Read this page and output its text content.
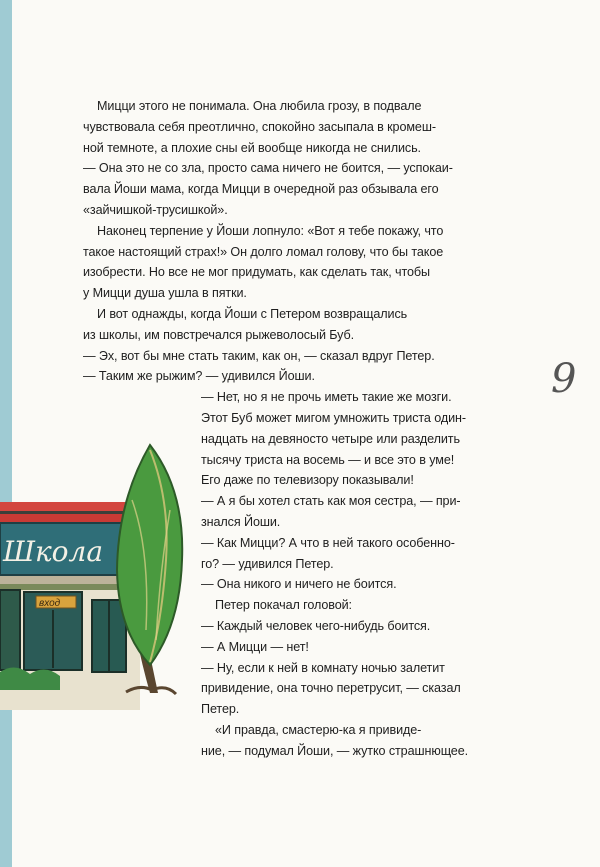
Мицци этого не понимала. Она любила грозу, в подвале
чувствовала себя преотлично, спокойно засыпала в кромеш-
ной темноте, а плохие сны ей вообще никогда не снились.
— Она это не со зла, просто сама ничего не боится, — успокаи-
вала Йоши мама, когда Мицци в очередной раз обзывала его
«зайчишкой-трусишкой».
Наконец терпение у Йоши лопнуло: «Вот я тебе покажу, что
такое настоящий страх!» Он долго ломал голову, что бы такое
изобрести. Но все не мог придумать, как сделать так, чтобы
у Мицци душа ушла в пятки.
И вот однажды, когда Йоши с Петером возвращались
из школы, им повстречался рыжеволосый Буб.
— Эх, вот бы мне стать таким, как он, — сказал вдруг Петер.
— Таким же рыжим? — удивился Йоши.
— Нет, но я не прочь иметь такие же мозги.
Этот Буб может мигом умножить триста один-
надцать на девяносто четыре или разделить
тысячу триста на восемь — и все это в уме!
Его даже по телевизору показывали!
— А я бы хотел стать как моя сестра, — при-
знался Йоши.
— Как Мицци? А что в ней такого особенно-
го? — удивился Петер.
— Она никого и ничего не боится.
Петер покачал головой:
— Каждый человек чего-нибудь боится.
— А Мицци — нет!
— Ну, если к ней в комнату ночью залетит
привидение, она точно перетрусит, — сказал
Петер.
«И правда, смастерю-ка я привиде-
ние, — подумал Йоши, — жутко страшнющее.
9
Школа
вход
